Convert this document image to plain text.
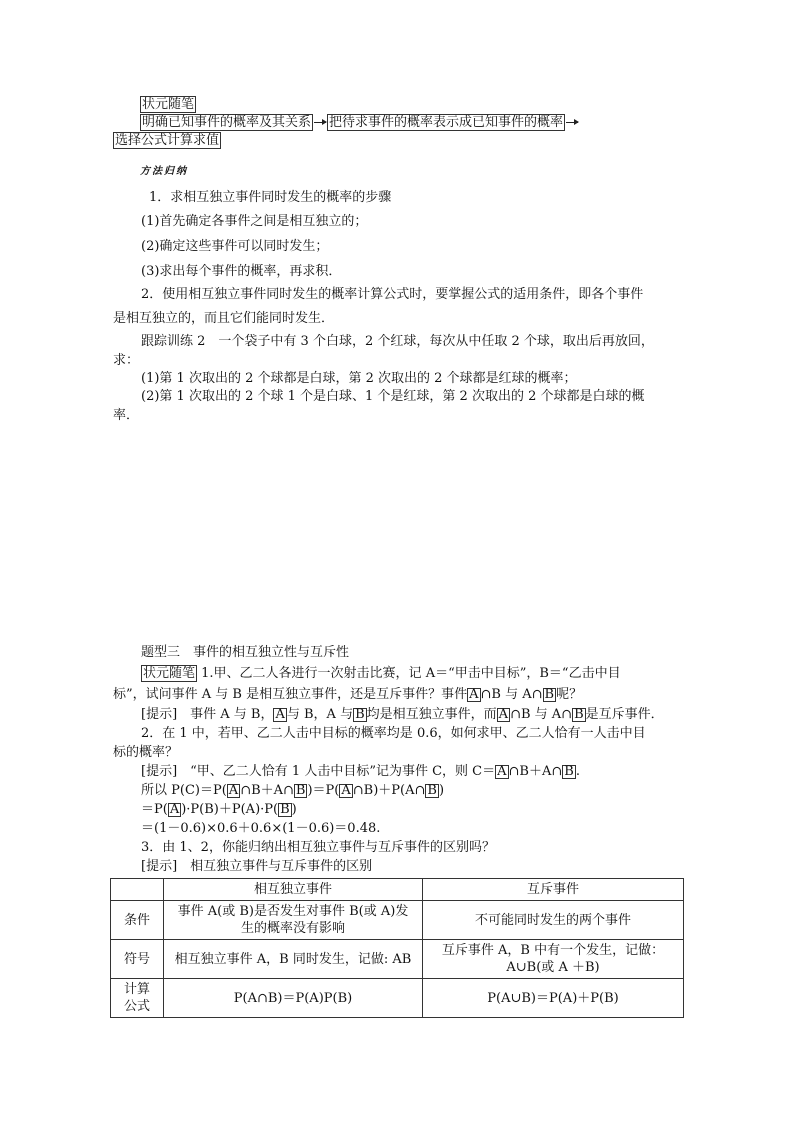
状元随笔
明确已知事件的概率及其关系 把待求事件的概率表示成已知事件的概率
选择公式计算求值
方法归纳
1．求相互独立事件同时发生的概率的步骤
(1)首先确定各事件之间是相互独立的；
(2)确定这些事件可以同时发生；
(3)求出每个事件的概率，再求积．
2．使用相互独立事件同时发生的概率计算公式时，要掌握公式的适用条件，即各个事件
是相互独立的，而且它们能同时发生．
跟踪训练 2　一个袋子中有 3 个白球，2 个红球，每次从中任取 2 个球，取出后再放回，
求：
(1)第 1 次取出的 2 个球都是白球，第 2 次取出的 2 个球都是红球的概率；
(2)第 1 次取出的 2 个球 1 个是白球、1 个是红球，第 2 次取出的 2 个球都是白球的概
率．
题型三　事件的相互独立性与互斥性
状元随笔 1.甲、乙二人各进行一次射击比赛，记 A＝“甲击中目标”，B＝“乙击中目
标”，试问事件 A 与 B 是相互独立事件，还是互斥事件？事件 A ∩B 与 A∩ B 呢？
[提示]　事件 A 与 B， A 与 B，A 与 B 均是相互独立事件，而 A ∩B 与 A∩ B 是互斥事件．
2．在 1 中，若甲、乙二人击中目标的概率均是 0.6，如何求甲、乙二人恰有一人击中目
标的概率？
[提示]　“甲、乙二人恰有 1 人击中目标”记为事件 C，则 C＝ A ∩B＋A∩ B .
所以 P(C)＝P( A ∩B＋A∩ B )＝P( A ∩B)＋P(A∩ B )
＝P( A )·P(B)＋P(A)·P( B )
＝(1－0.6)×0.6＋0.6×(1－0.6)＝0.48.
3．由 1、2，你能归纳出相互独立事件与互斥事件的区别吗？
[提示]　相互独立事件与互斥事件的区别
	相互独立事件	互斥事件
条件	事件 A(或 B)是否发生对事件 B(或 A)发
生的概率没有影响	不可能同时发生的两个事件
符号	相互独立事件 A，B 同时发生，记做: AB	互斥事件 A，B 中有一个发生，记做：
A∪B(或 A ＋B)

计算
公式	P(A∩B)＝P(A)P(B)	P(A∪B)＝P(A)＋P(B)
